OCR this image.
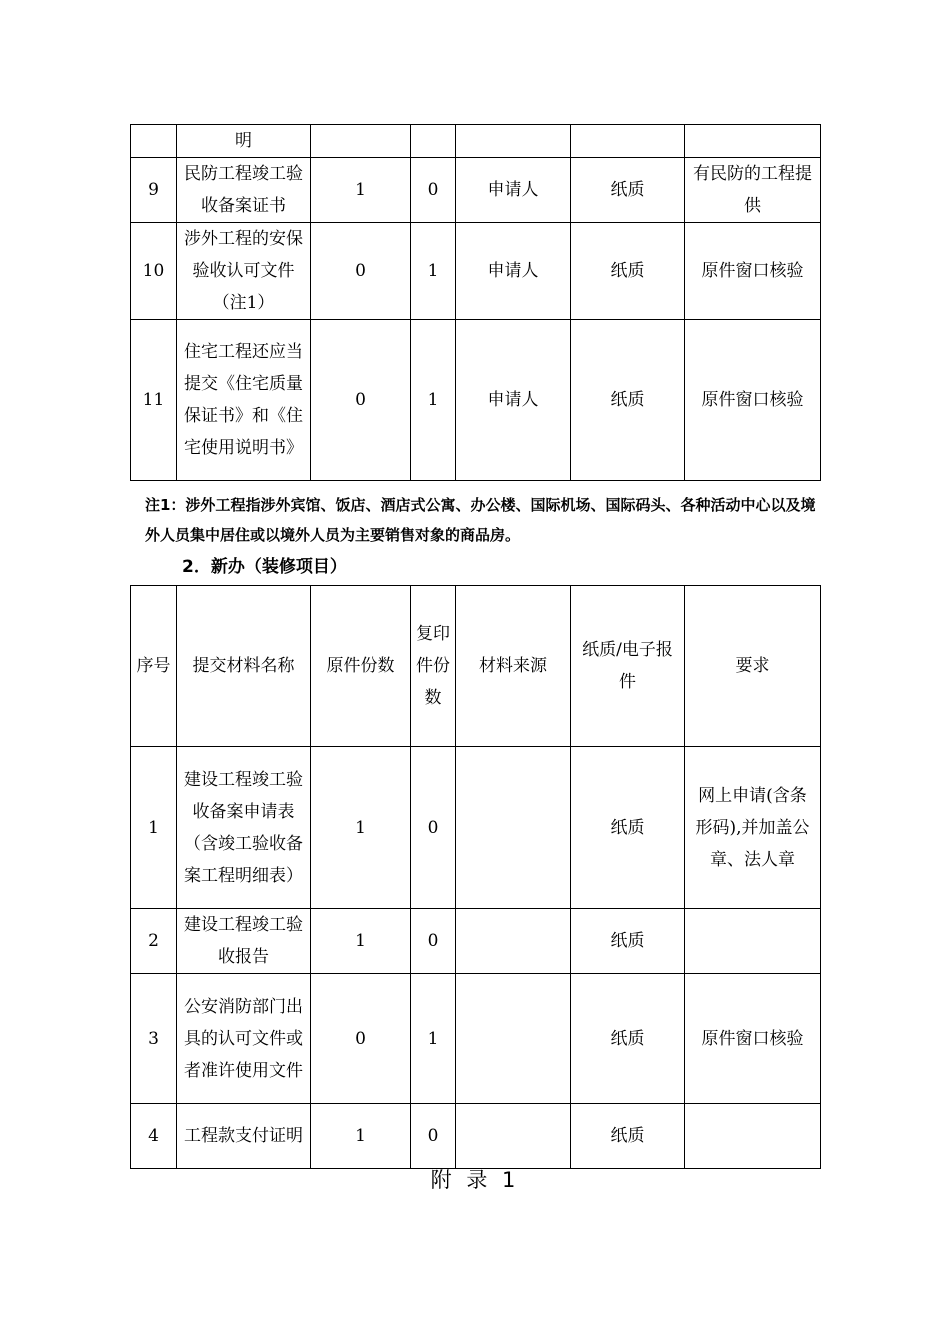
	明					
9	民防工程竣工验收备案证书	1	0	申请人	纸质	有民防的工程提供
10	涉外工程的安保验收认可文件（注1）	0	1	申请人	纸质	原件窗口核验
11	住宅工程还应当提交《住宅质量保证书》和《住宅使用说明书》	0	1	申请人	纸质	原件窗口核验
注1：涉外工程指涉外宾馆、饭店、酒店式公寓、办公楼、国际机场、国际码头、各种活动中心以及境外人员集中居住或以境外人员为主要销售对象的商品房。
2．新办（装修项目）
序号	提交材料名称	原件份数	复印件份数	材料来源	纸质/电子报件	要求
1	建设工程竣工验收备案申请表（含竣工验收备案工程明细表）	1	0		纸质	网上申请(含条形码),并加盖公章、法人章
2	建设工程竣工验收报告	1	0		纸质	
3	公安消防部门出具的认可文件或者准许使用文件	0	1		纸质	原件窗口核验
4	工程款支付证明	1	0		纸质	
附 录 1
